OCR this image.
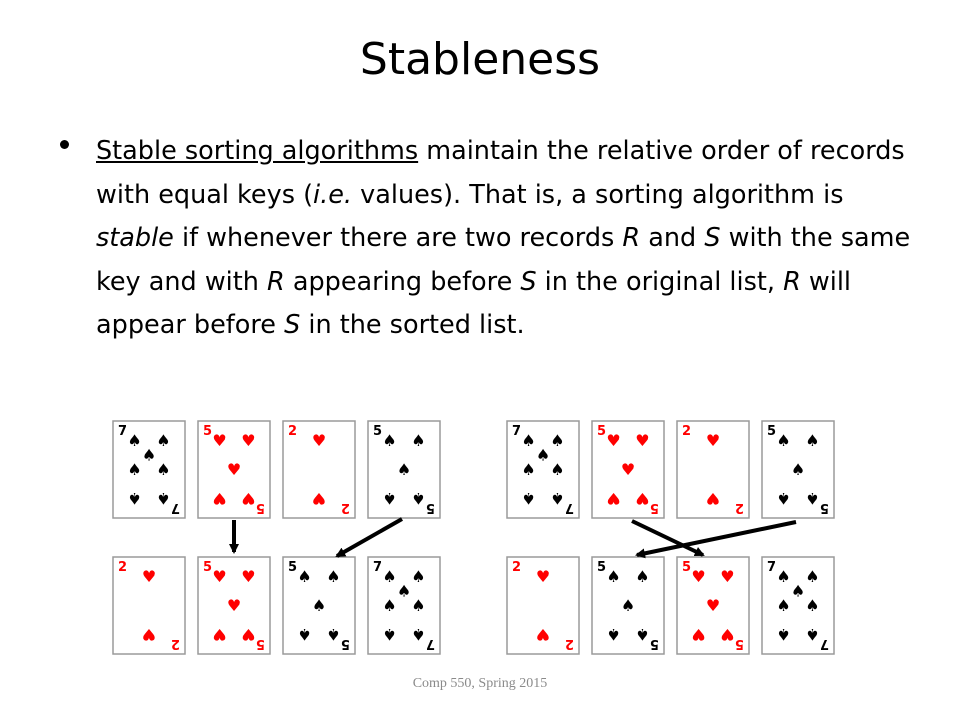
Stableness
Stable sorting algorithms maintain the relative order of records with equal keys (i.e. values). That is, a sorting algorithm is stable if whenever there are two records R and S with the same key and with R appearing before S in the original list, R will appear before S in the sorted list.
7
7
♠ ♠
♠
♠ ♠
♠ ♠
5
5
♥ ♥
♥
♥ ♥
2
2
♥
♥
5
5
♠ ♠
♠
♠ ♠
2
2
♥
♥
5
5
♥ ♥
♥
♥ ♥
5
5
♠ ♠
♠
♠ ♠
7
7
♠ ♠
♠
♠ ♠
♠ ♠
7
7
♠ ♠
♠
♠ ♠
♠ ♠
5
5
♥ ♥
♥
♥ ♥
2
2
♥
♥
5
5
♠ ♠
♠
♠ ♠
2
2
♥
♥
5
5
♠ ♠
♠
♠ ♠
5
5
♥ ♥
♥
♥ ♥
7
7
♠ ♠
♠
♠ ♠
♠ ♠
Comp 550, Spring 2015
